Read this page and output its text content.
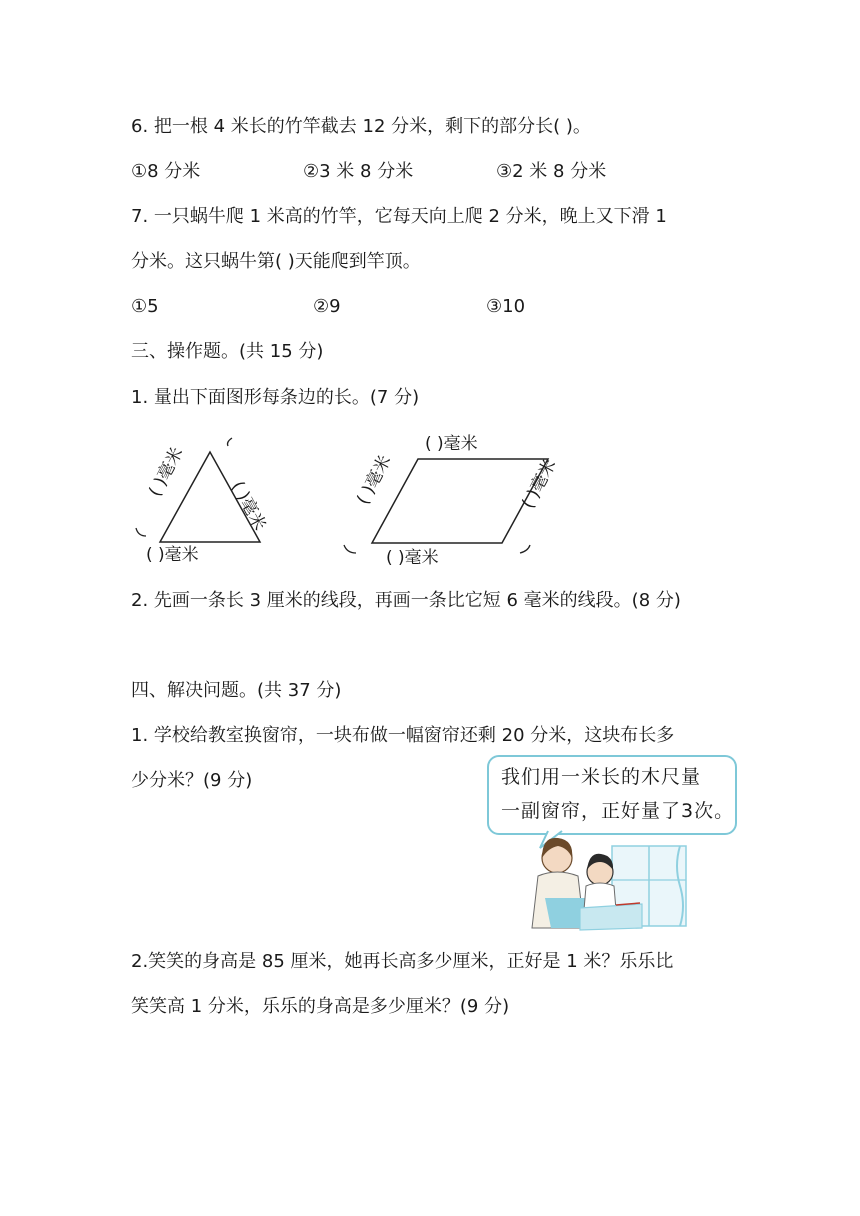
6. 把一根 4 米长的竹竿截去 12 分米，剩下的部分长( )。
①8 分米	②3 米 8 分米	③2 米 8 分米
7. 一只蜗牛爬 1 米高的竹竿，它每天向上爬 2 分米，晚上又下滑 1
分米。这只蜗牛第( )天能爬到竿顶。
①5	②9	③10
三、操作题。(共 15 分)
1. 量出下面图形每条边的长。(7 分)
( )毫米
( )毫米
( )毫米
( )毫米
( )毫米	( )毫米
( )毫米
2. 先画一条长 3 厘米的线段，再画一条比它短 6 毫米的线段。(8 分)
四、解决问题。(共 37 分)
1. 学校给教室换窗帘，一块布做一幅窗帘还剩 20 分米，这块布长多
少分米？(9 分)	我们用一米长的木尺量
一副窗帘，正好量了3次。
2.笑笑的身高是 85 厘米，她再长高多少厘米，正好是 1 米？乐乐比
笑笑高 1 分米，乐乐的身高是多少厘米？(9 分)
